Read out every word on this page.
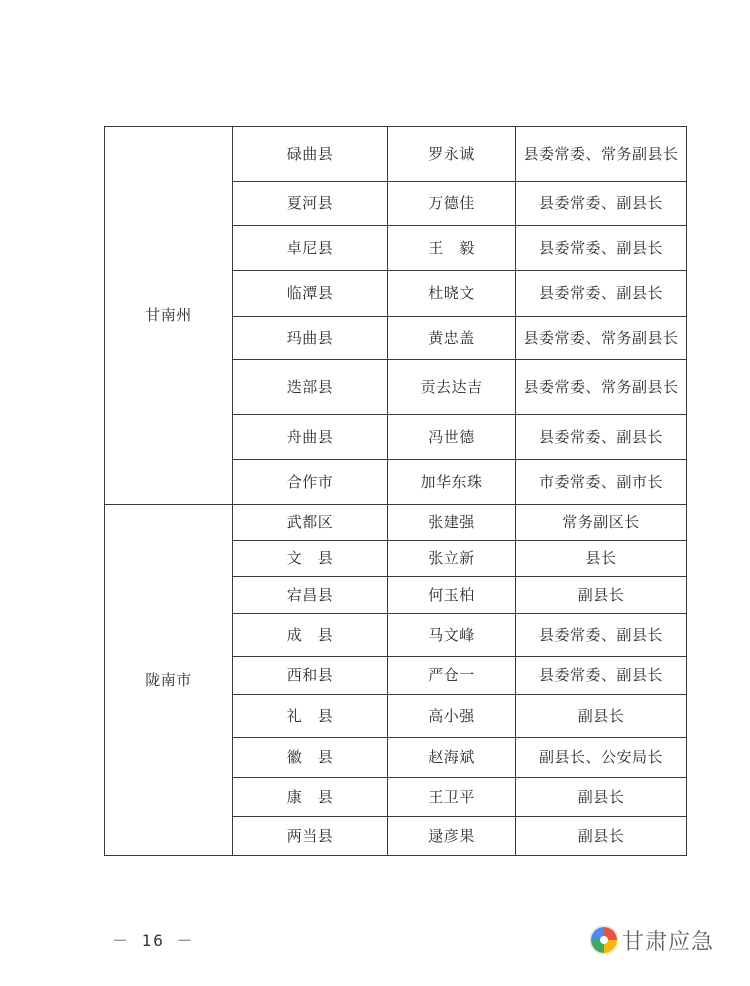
甘南州	碌曲县	罗永诚	县委常委、常务副县长
	夏河县	万德佳	县委常委、副县长
	卓尼县	王　毅	县委常委、副县长
	临潭县	杜晓文	县委常委、副县长
	玛曲县	黄忠盖	县委常委、常务副县长
	迭部县	贡去达吉	县委常委、常务副县长
	舟曲县	冯世德	县委常委、副县长
	合作市	加华东珠	市委常委、副市长
陇南市	武都区	张建强	常务副区长
	文　县	张立新	县长
	宕昌县	何玉柏	副县长
	成　县	马文峰	县委常委、副县长
	西和县	严仓一	县委常委、副县长
	礼　县	高小强	副县长
	徽　县	赵海斌	副县长、公安局长
	康　县	王卫平	副县长
	两当县	逯彦果	副县长
－ 16 －	甘肃应急
